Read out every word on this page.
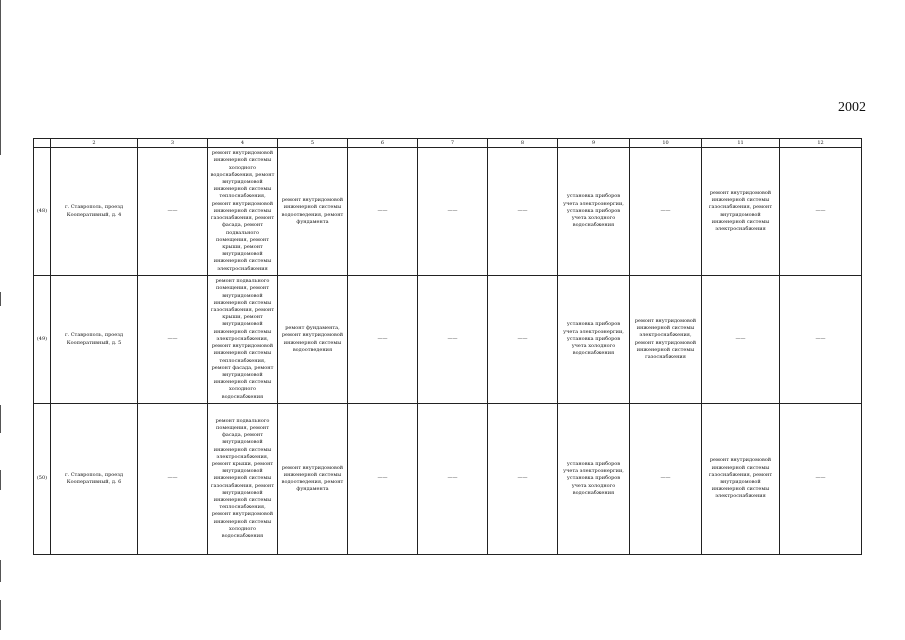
2002
	2	3	4	5	6	7	8	9	10	11	12
(48)	г. Ставрополь, проезд Кооперативный, д. 4	——	ремонт внутридомовой инженерной системы холодного водоснабжения, ремонт внутридомовой инженерной системы теплоснабжения, ремонт внутридомовой инженерной системы газоснабжения, ремонт фасада, ремонт подвального помещения, ремонт крыши, ремонт внутридомовой инженерной системы электроснабжения	ремонт внутридомовой инженерной системы водоотведения, ремонт фундамента	——	——	——	установка приборов учета электроэнергии, установка приборов учета холодного водоснабжения	——	ремонт внутридомовой инженерной системы газоснабжения, ремонт внутридомовой инженерной системы электроснабжения	——
(49)	г. Ставрополь, проезд Кооперативный, д. 5	——	ремонт подвального помещения, ремонт внутридомовой инженерной системы газоснабжения, ремонт крыши, ремонт внутридомовой инженерной системы электроснабжения, ремонт внутридомовой инженерной системы теплоснабжения, ремонт фасада, ремонт внутридомовой инженерной системы холодного водоснабжения	ремонт фундамента, ремонт внутридомовой инженерной системы водоотведения	——	——	——	установка приборов учета электроэнергии, установка приборов учета холодного водоснабжения	ремонт внутридомовой инженерной системы электроснабжения, ремонт внутридомовой инженерной системы газоснабжения	——	——
(50)	г. Ставрополь, проезд Кооперативный, д. 6	——	ремонт подвального помещения, ремонт фасада, ремонт внутридомовой инженерной системы электроснабжения, ремонт крыши, ремонт внутридомовой инженерной системы газоснабжения, ремонт внутридомовой инженерной системы теплоснабжения, ремонт внутридомовой инженерной системы холодного водоснабжения	ремонт внутридомовой инженерной системы водоотведения, ремонт фундамента	——	——	——	установка приборов учета электроэнергии, установка приборов учета холодного водоснабжения	——	ремонт внутридомовой инженерной системы газоснабжения, ремонт внутридомовой инженерной системы электроснабжения	——
